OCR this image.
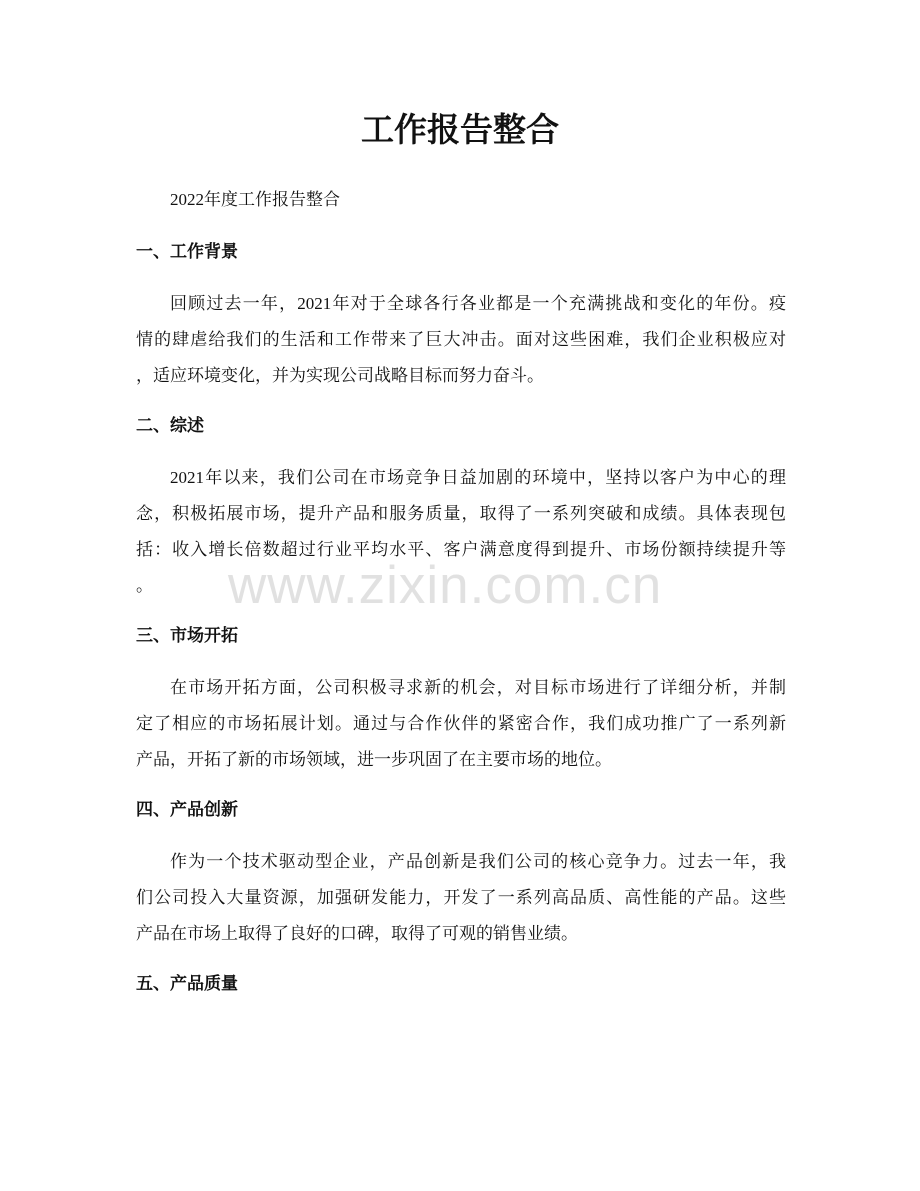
工作报告整合
2022年度工作报告整合
一、工作背景
回顾过去一年，2021年对于全球各行各业都是一个充满挑战和变化的年份。疫
情的肆虐给我们的生活和工作带来了巨大冲击。面对这些困难，我们企业积极应对
，适应环境变化，并为实现公司战略目标而努力奋斗。
二、综述
2021年以来，我们公司在市场竞争日益加剧的环境中，坚持以客户为中心的理
念，积极拓展市场，提升产品和服务质量，取得了一系列突破和成绩。具体表现包
括：收入增长倍数超过行业平均水平、客户满意度得到提升、市场份额持续提升等
。
三、市场开拓
在市场开拓方面，公司积极寻求新的机会，对目标市场进行了详细分析，并制
定了相应的市场拓展计划。通过与合作伙伴的紧密合作，我们成功推广了一系列新
产品，开拓了新的市场领域，进一步巩固了在主要市场的地位。
四、产品创新
作为一个技术驱动型企业，产品创新是我们公司的核心竞争力。过去一年，我
们公司投入大量资源，加强研发能力，开发了一系列高品质、高性能的产品。这些
产品在市场上取得了良好的口碑，取得了可观的销售业绩。
五、产品质量
www.zixin.com.cn
